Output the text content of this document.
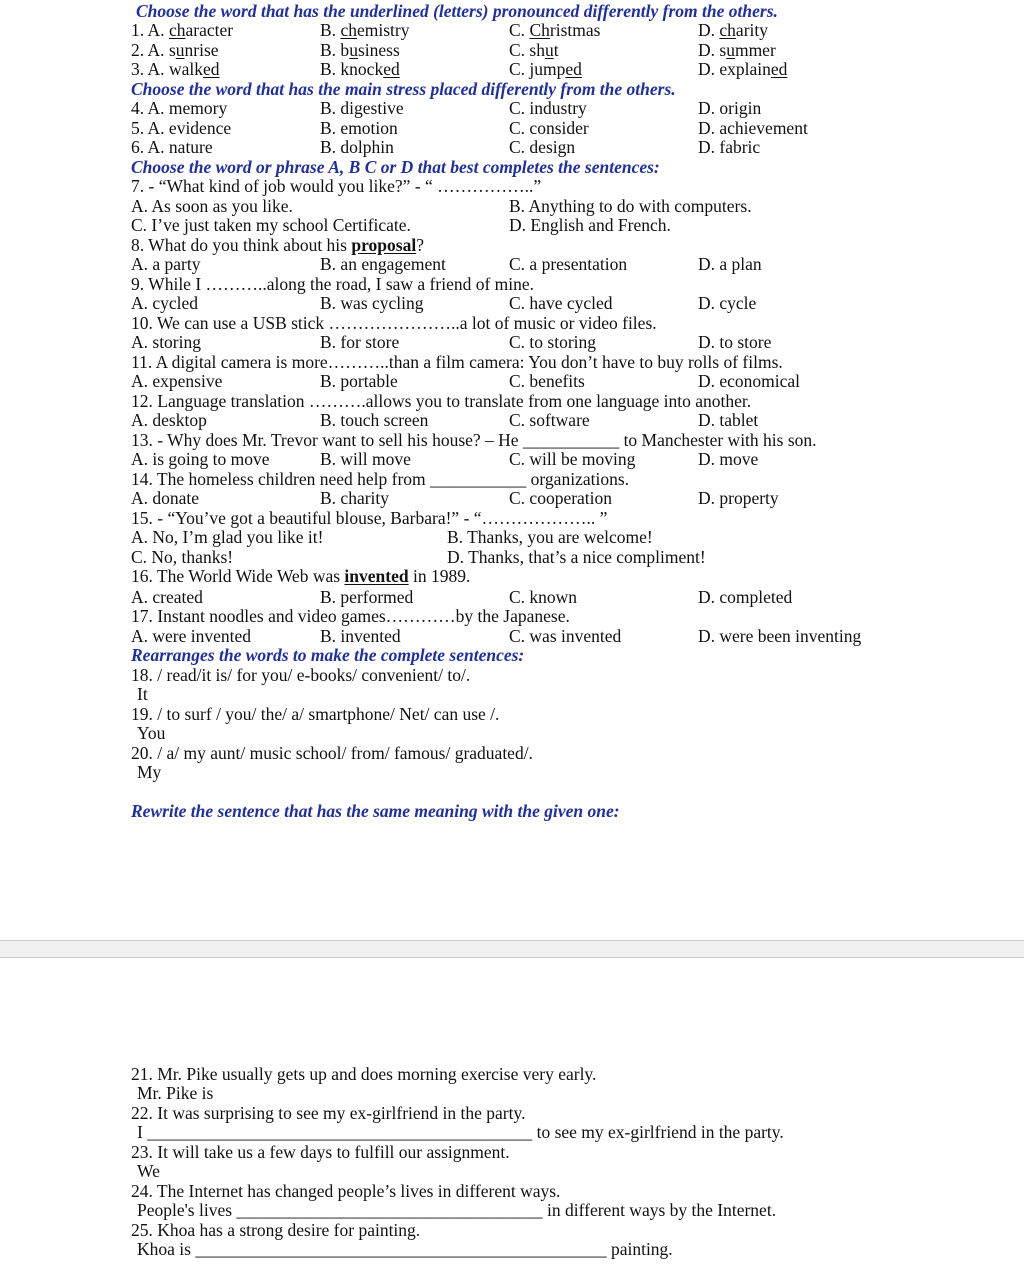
Choose the word that has the underlined (letters) pronounced differently from the others.
1. A. character	B. chemistry	C. Christmas	D. charity
2. A. sunrise	B. business	C. shut	D. summer
3. A. walked	B. knocked	C. jumped	D. explained
Choose the word that has the main stress placed differently from the others.
4. A. memory	B. digestive	C. industry	D. origin
5. A. evidence	B. emotion	C. consider	D. achievement
6. A. nature	B. dolphin	C. design	D. fabric
Choose the word or phrase A, B C or D that best completes the sentences:
7. - “What kind of job would you like?” - “ ……………..”
A. As soon as you like.	B. Anything to do with computers.
C. I’ve just taken my school Certificate.	D. English and French.
8. What do you think about his proposal?
A. a party	B. an engagement	C. a presentation	D. a plan
9. While I ………..along the road, I saw a friend of mine.
A. cycled	B. was cycling	C. have cycled	D. cycle
10. We can use a USB stick …………………..a lot of music or video files.
A. storing	B. for store	C. to storing	D. to store
11. A digital camera is more………..than a film camera: You don’t have to buy rolls of films.
A. expensive	B. portable	C. benefits	D. economical
12. Language translation ……….allows you to translate from one language into another.
A. desktop	B. touch screen	C. software	D. tablet
13. - Why does Mr. Trevor want to sell his house? – He ___________ to Manchester with his son.
A. is going to move	B. will move	C. will be moving	D. move
14. The homeless children need help from ___________ organizations.
A. donate	B. charity	C. cooperation	D. property
15. - “You’ve got a beautiful blouse, Barbara!” - “……………….. ”
A. No, I’m glad you like it!	B. Thanks, you are welcome!
C. No, thanks!	D. Thanks, that’s a nice compliment!
16. The World Wide Web was invented in 1989.
A. created	B. performed	C. known	D. completed
17. Instant noodles and video games…………by the Japanese.
A. were invented	B. invented	C. was invented	D. were been inventing
Rearranges the words to make the complete sentences:
18. / read/it is/ for you/ e-books/ convenient/ to/.
It
19. / to surf / you/ the/ a/ smartphone/ Net/ can use /.
You
20. / a/ my aunt/ music school/ from/ famous/ graduated/.
My
Rewrite the sentence that has the same meaning with the given one:
21. Mr. Pike usually gets up and does morning exercise very early.
Mr. Pike is
22. It was surprising to see my ex-girlfriend in the party.
I ____________________________________________ to see my ex-girlfriend in the party.
23. It will take us a few days to fulfill our assignment.
We
24. The Internet has changed people’s lives in different ways.
People's lives ___________________________________ in different ways by the Internet.
25. Khoa has a strong desire for painting.
Khoa is _______________________________________________ painting.
